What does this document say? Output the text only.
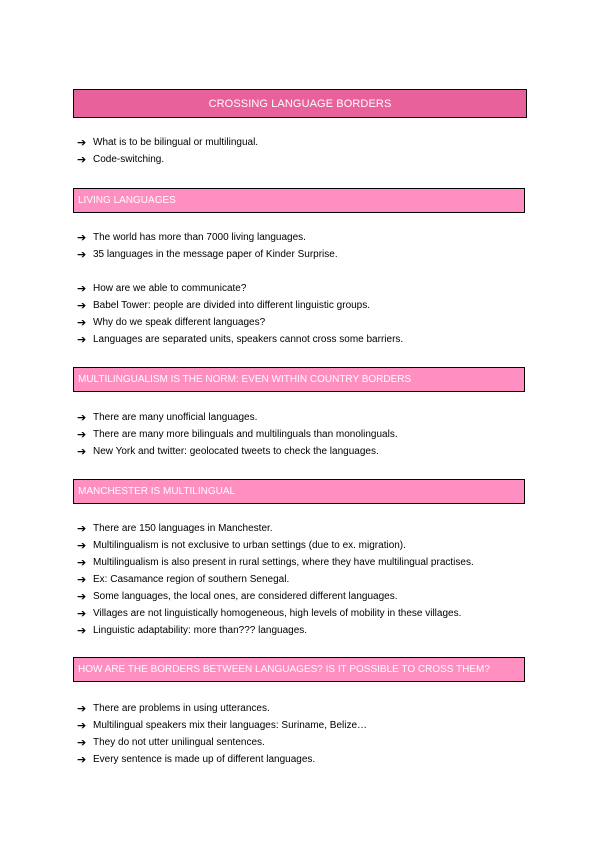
CROSSING LANGUAGE BORDERS
➔ What is to be bilingual or multilingual.
➔ Code-switching.
LIVING LANGUAGES
➔ The world has more than 7000 living languages.
➔ 35 languages in the message paper of Kinder Surprise.
➔ How are we able to communicate?
➔ Babel Tower: people are divided into different linguistic groups.
➔ Why do we speak different languages?
➔ Languages are separated units, speakers cannot cross some barriers.
MULTILINGUALISM IS THE NORM: EVEN WITHIN COUNTRY BORDERS
➔ There are many unofficial languages.
➔ There are many more bilinguals and multilinguals than monolinguals.
➔ New York and twitter: geolocated tweets to check the languages.
MANCHESTER IS MULTILINGUAL
➔ There are 150 languages in Manchester.
➔ Multilingualism is not exclusive to urban settings (due to ex. migration).
➔ Multilingualism is also present in rural settings, where they have multilingual practises.
➔ Ex: Casamance region of southern Senegal.
➔ Some languages, the local ones, are considered different languages.
➔ Villages are not linguistically homogeneous, high levels of mobility in these villages.
➔ Linguistic adaptability: more than??? languages.
HOW ARE THE BORDERS BETWEEN LANGUAGES? IS IT POSSIBLE TO CROSS THEM?
➔ There are problems in using utterances.
➔ Multilingual speakers mix their languages: Suriname, Belize…
➔ They do not utter unilingual sentences.
➔ Every sentence is made up of different languages.
